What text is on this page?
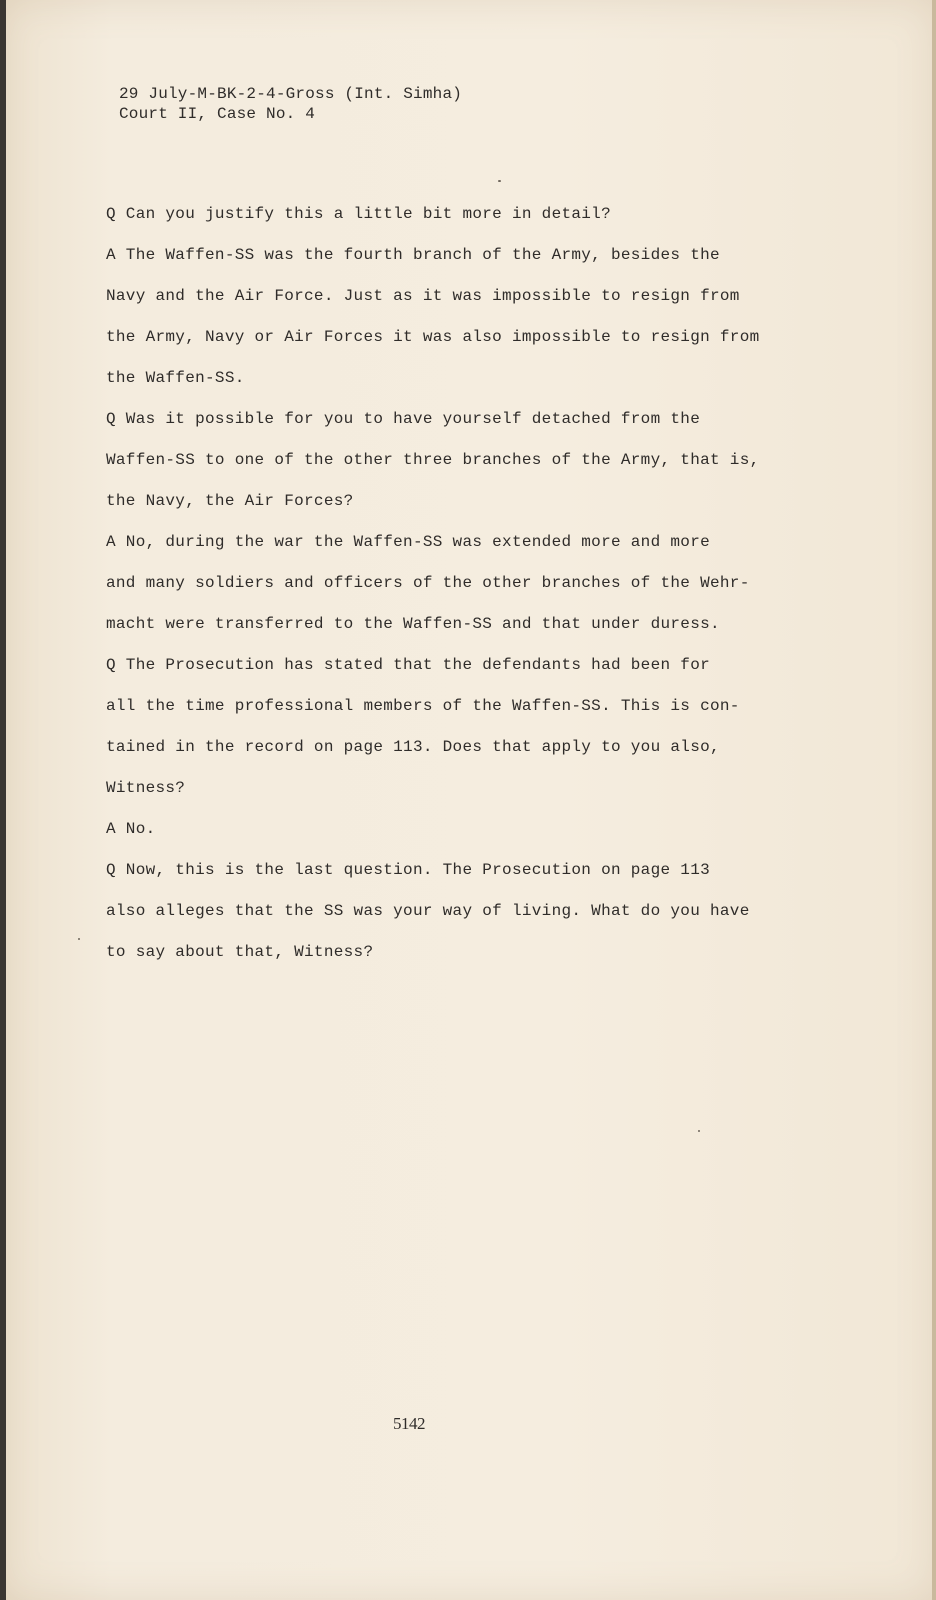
29 July-M-BK-2-4-Gross (Int. Simha)
Court II, Case No. 4
Q Can you justify this a little bit more in detail?
A The Waffen-SS was the fourth branch of the Army, besides the
Navy and the Air Force. Just as it was impossible to resign from
the Army, Navy or Air Forces it was also impossible to resign from
the Waffen-SS.
Q Was it possible for you to have yourself detached from the
Waffen-SS to one of the other three branches of the Army, that is,
the Navy, the Air Forces?
A No, during the war the Waffen-SS was extended more and more
and many soldiers and officers of the other branches of the Wehr-
macht were transferred to the Waffen-SS and that under duress.
Q The Prosecution has stated that the defendants had been for
all the time professional members of the Waffen-SS. This is con-
tained in the record on page 113. Does that apply to you also,
Witness?
A No.
Q Now, this is the last question. The Prosecution on page 113
also alleges that the SS was your way of living. What do you have
to say about that, Witness?
5142
